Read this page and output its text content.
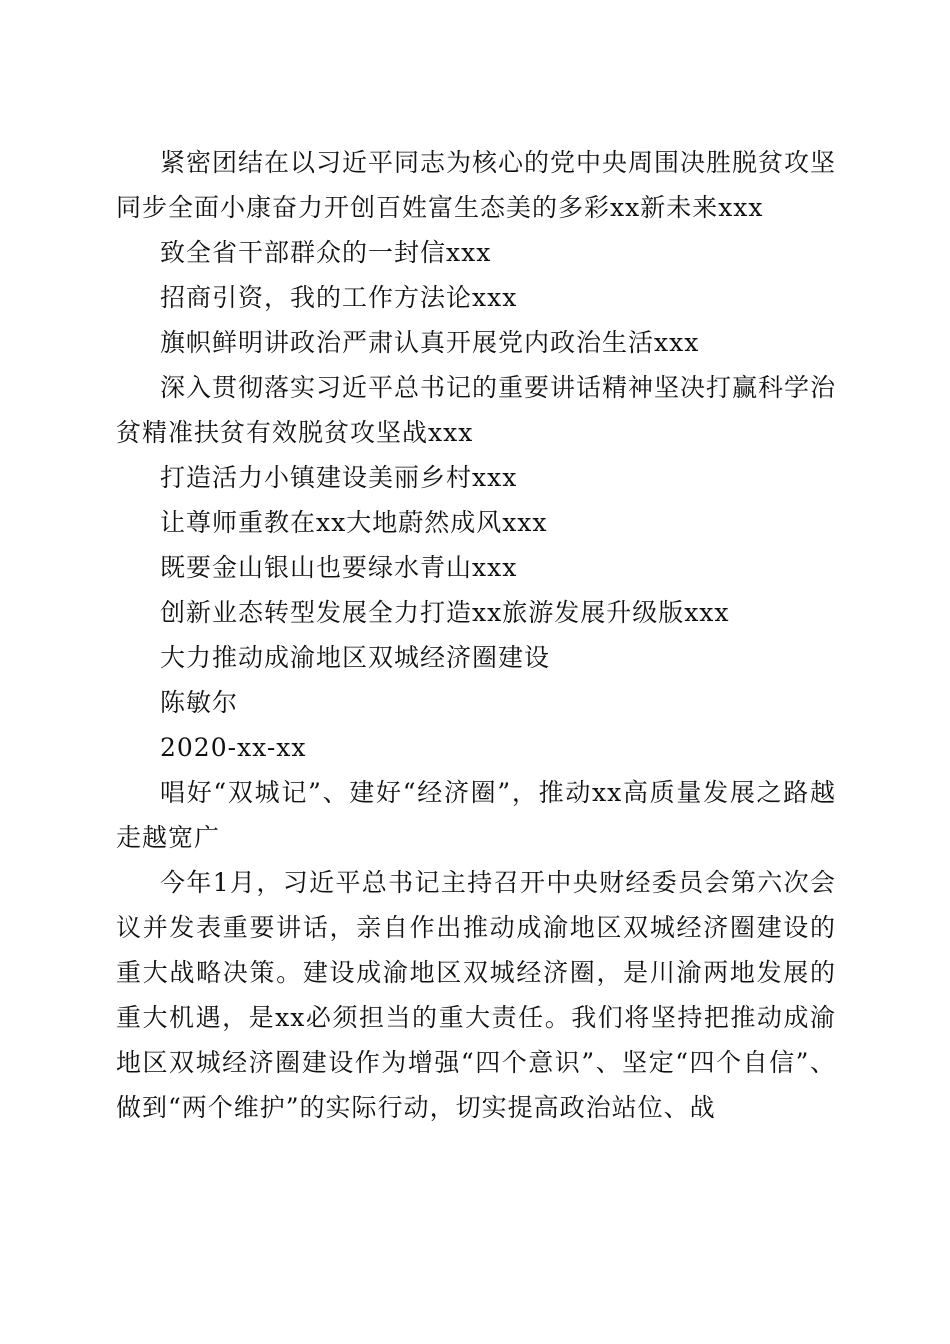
紧密团结在以习近平同志为核心的党中央周围决胜脱贫攻坚同步全面小康奋力开创百姓富生态美的多彩xx新未来xxx

致全省干部群众的一封信xxx

招商引资，我的工作方法论xxx

旗帜鲜明讲政治严肃认真开展党内政治生活xxx

深入贯彻落实习近平总书记的重要讲话精神坚决打赢科学治贫精准扶贫有效脱贫攻坚战xxx

打造活力小镇建设美丽乡村xxx

让尊师重教在xx大地蔚然成风xxx

既要金山银山也要绿水青山xxx

创新业态转型发展全力打造xx旅游发展升级版xxx

大力推动成渝地区双城经济圈建设

陈敏尔

2020-xx-xx

唱好“双城记”、建好“经济圈”，推动xx高质量发展之路越走越宽广

今年1月，习近平总书记主持召开中央财经委员会第六次会议并发表重要讲话，亲自作出推动成渝地区双城经济圈建设的重大战略决策。建设成渝地区双城经济圈，是川渝两地发展的重大机遇，是xx必须担当的重大责任。我们将坚持把推动成渝地区双城经济圈建设作为增强“四个意识”、坚定“四个自信”、做到“两个维护”的实际行动，切实提高政治站位、战
